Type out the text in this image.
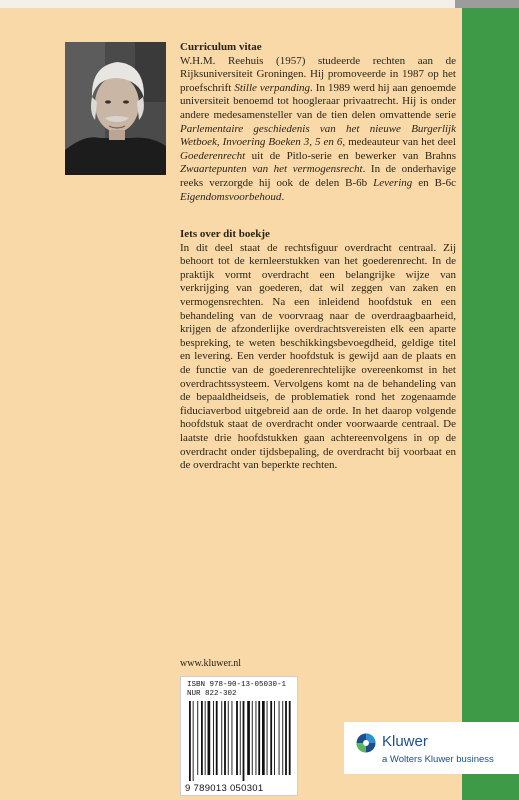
Curriculum vitae
W.H.M. Reehuis (1957) studeerde rechten aan de Rijksuniversiteit Groningen. Hij promoveerde in 1987 op het proefschrift Stille verpanding. In 1989 werd hij aan genoemde universiteit benoemd tot hoogleraar privaatrecht. Hij is onder andere medesamensteller van de tien delen omvattende serie Parlementaire geschiedenis van het nieuwe Burgerlijk Wetboek, Invoering Boeken 3, 5 en 6, medeauteur van het deel Goederenrecht uit de Pitlo-serie en bewerker van Brahns Zwaartepunten van het vermogensrecht. In de onderhavige reeks verzorgde hij ook de delen B-6b Levering en B-6c Eigendomsvoorbehoud.
Iets over dit boekje
In dit deel staat de rechtsfiguur overdracht centraal. Zij behoort tot de kernleerstukken van het goederenrecht. In de praktijk vormt overdracht een belangrijke wijze van verkrijging van goederen, dat wil zeggen van zaken en vermogensrechten. Na een inleidend hoofdstuk en een behandeling van de voorvraag naar de overdraagbaarheid, krijgen de afzonderlijke overdrachtsvereisten elk een aparte bespreking, te weten beschikkingsbevoegdheid, geldige titel en levering. Een verder hoofdstuk is gewijd aan de plaats en de functie van de goederenrechtelijke overeenkomst in het overdrachtssysteem. Vervolgens komt na de behandeling van de bepaaldheidseis, de problematiek rond het zogenaamde fiduciaverbod uitgebreid aan de orde. In het daarop volgende hoofdstuk staat de overdracht onder voorwaarde centraal. De laatste drie hoofdstukken gaan achtereenvolgens in op de overdracht onder tijdsbepaling, de overdracht bij voorbaat en de overdracht van beperkte rechten.
www.kluwer.nl
ISBN 978-90-13-05030-1
NUR 822-302
9 789013 050301
Kluwer
a Wolters Kluwer business
